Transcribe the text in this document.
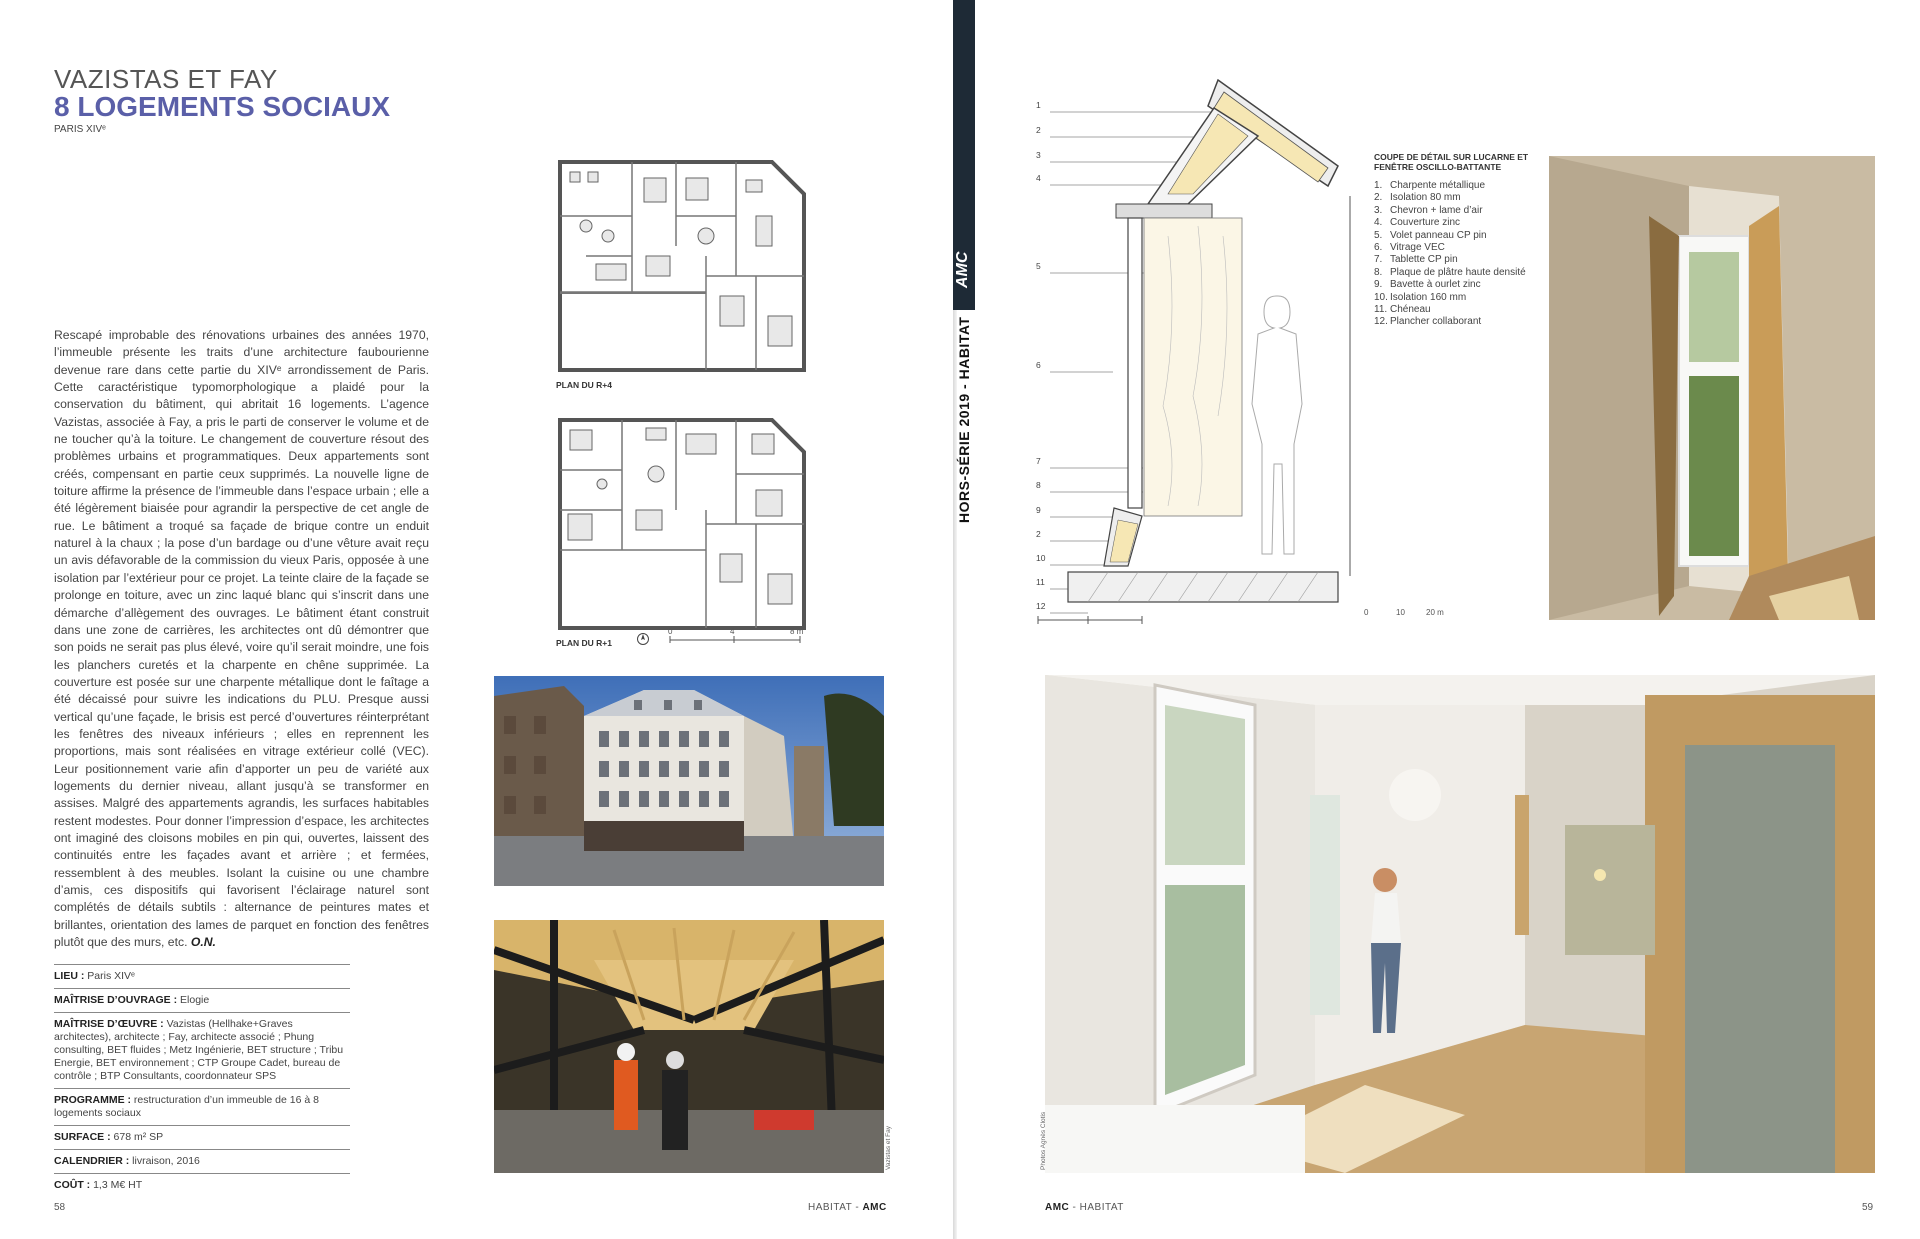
VAZISTAS ET FAY
8 LOGEMENTS SOCIAUX
PARIS XIVᵉ
Rescapé improbable des rénovations urbaines des années 1970, l’immeuble présente les traits d’une architecture faubourienne devenue rare dans cette partie du XIVᵉ arrondissement de Paris. Cette caractéristique typomorphologique a plaidé pour la conservation du bâtiment, qui abritait 16 logements. L’agence Vazistas, associée à Fay, a pris le parti de conserver le volume et de ne toucher qu’à la toiture. Le changement de couverture résout des problèmes urbains et programmatiques. Deux appartements sont créés, compensant en partie ceux supprimés. La nouvelle ligne de toiture affirme la présence de l’immeuble dans l’espace urbain ; elle a été légèrement biaisée pour agrandir la perspective de cet angle de rue. Le bâtiment a troqué sa façade de brique contre un enduit naturel à la chaux ; la pose d’un bardage ou d’une vêture avait reçu un avis défavorable de la commission du vieux Paris, opposée à une isolation par l’extérieur pour ce projet. La teinte claire de la façade se prolonge en toiture, avec un zinc laqué blanc qui s’inscrit dans une démarche d’allègement des ouvrages. Le bâtiment étant construit dans une zone de carrières, les architectes ont dû démontrer que son poids ne serait pas plus élevé, voire qu’il serait moindre, une fois les planchers curetés et la charpente en chêne supprimée. La couverture est posée sur une charpente métallique dont le faîtage a été décaissé pour suivre les indications du PLU. Presque aussi vertical qu’une façade, le brisis est percé d’ouvertures réinterprétant les fenêtres des niveaux inférieurs ; elles en reprennent les proportions, mais sont réalisées en vitrage extérieur collé (VEC). Leur positionnement varie afin d’apporter un peu de variété aux logements du dernier niveau, allant jusqu’à se transformer en assises. Malgré des appartements agrandis, les surfaces habitables restent modestes. Pour donner l’impression d’espace, les architectes ont imaginé des cloisons mobiles en pin qui, ouvertes, laissent des continuités entre les façades avant et arrière ; et fermées, ressemblent à des meubles. Isolant la cuisine ou une chambre d’amis, ces dispositifs qui favorisent l’éclairage naturel sont complétés de détails subtils : alternance de peintures mates et brillantes, orientation des lames de parquet en fonction des fenêtres plutôt que des murs, etc. O.N.
LIEU : Paris XIVᵉ
MAÎTRISE D’OUVRAGE : Elogie
MAÎTRISE D’ŒUVRE : Vazistas (Hellhake+Graves architectes), architecte ; Fay, architecte associé ; Phung consulting, BET fluides ; Metz Ingénierie, BET structure ; Tribu Energie, BET environnement ; CTP Groupe Cadet, bureau de contrôle ; BTP Consultants, coordonnateur SPS
PROGRAMME : restructuration d’un immeuble de 16 à 8 logements sociaux
SURFACE : 678 m² SP
CALENDRIER : livraison, 2016
COÛT : 1,3 M€ HT
PLAN DU R+4
PLAN DU R+1
0	4	8 m
Vazistas et Fay
58	HABITAT - AMC
AMC
HORS-SÉRIE 2019 - HABITAT
1
2
3
4
5
6
7
8
9
2
10
11
12
0	10	20 m
COUPE DE DÉTAIL SUR LUCARNE ET FENÊTRE OSCILLO-BATTANTE
1. Charpente métallique
2. Isolation 80 mm
3. Chevron + lame d’air
4. Couverture zinc
5. Volet panneau CP pin
6. Vitrage VEC
7. Tablette CP pin
8. Plaque de plâtre haute densité
9. Bavette à ourlet zinc
10. Isolation 160 mm
11. Chéneau
12. Plancher collaborant
Photos Agnès Clotis
AMC - HABITAT	59
